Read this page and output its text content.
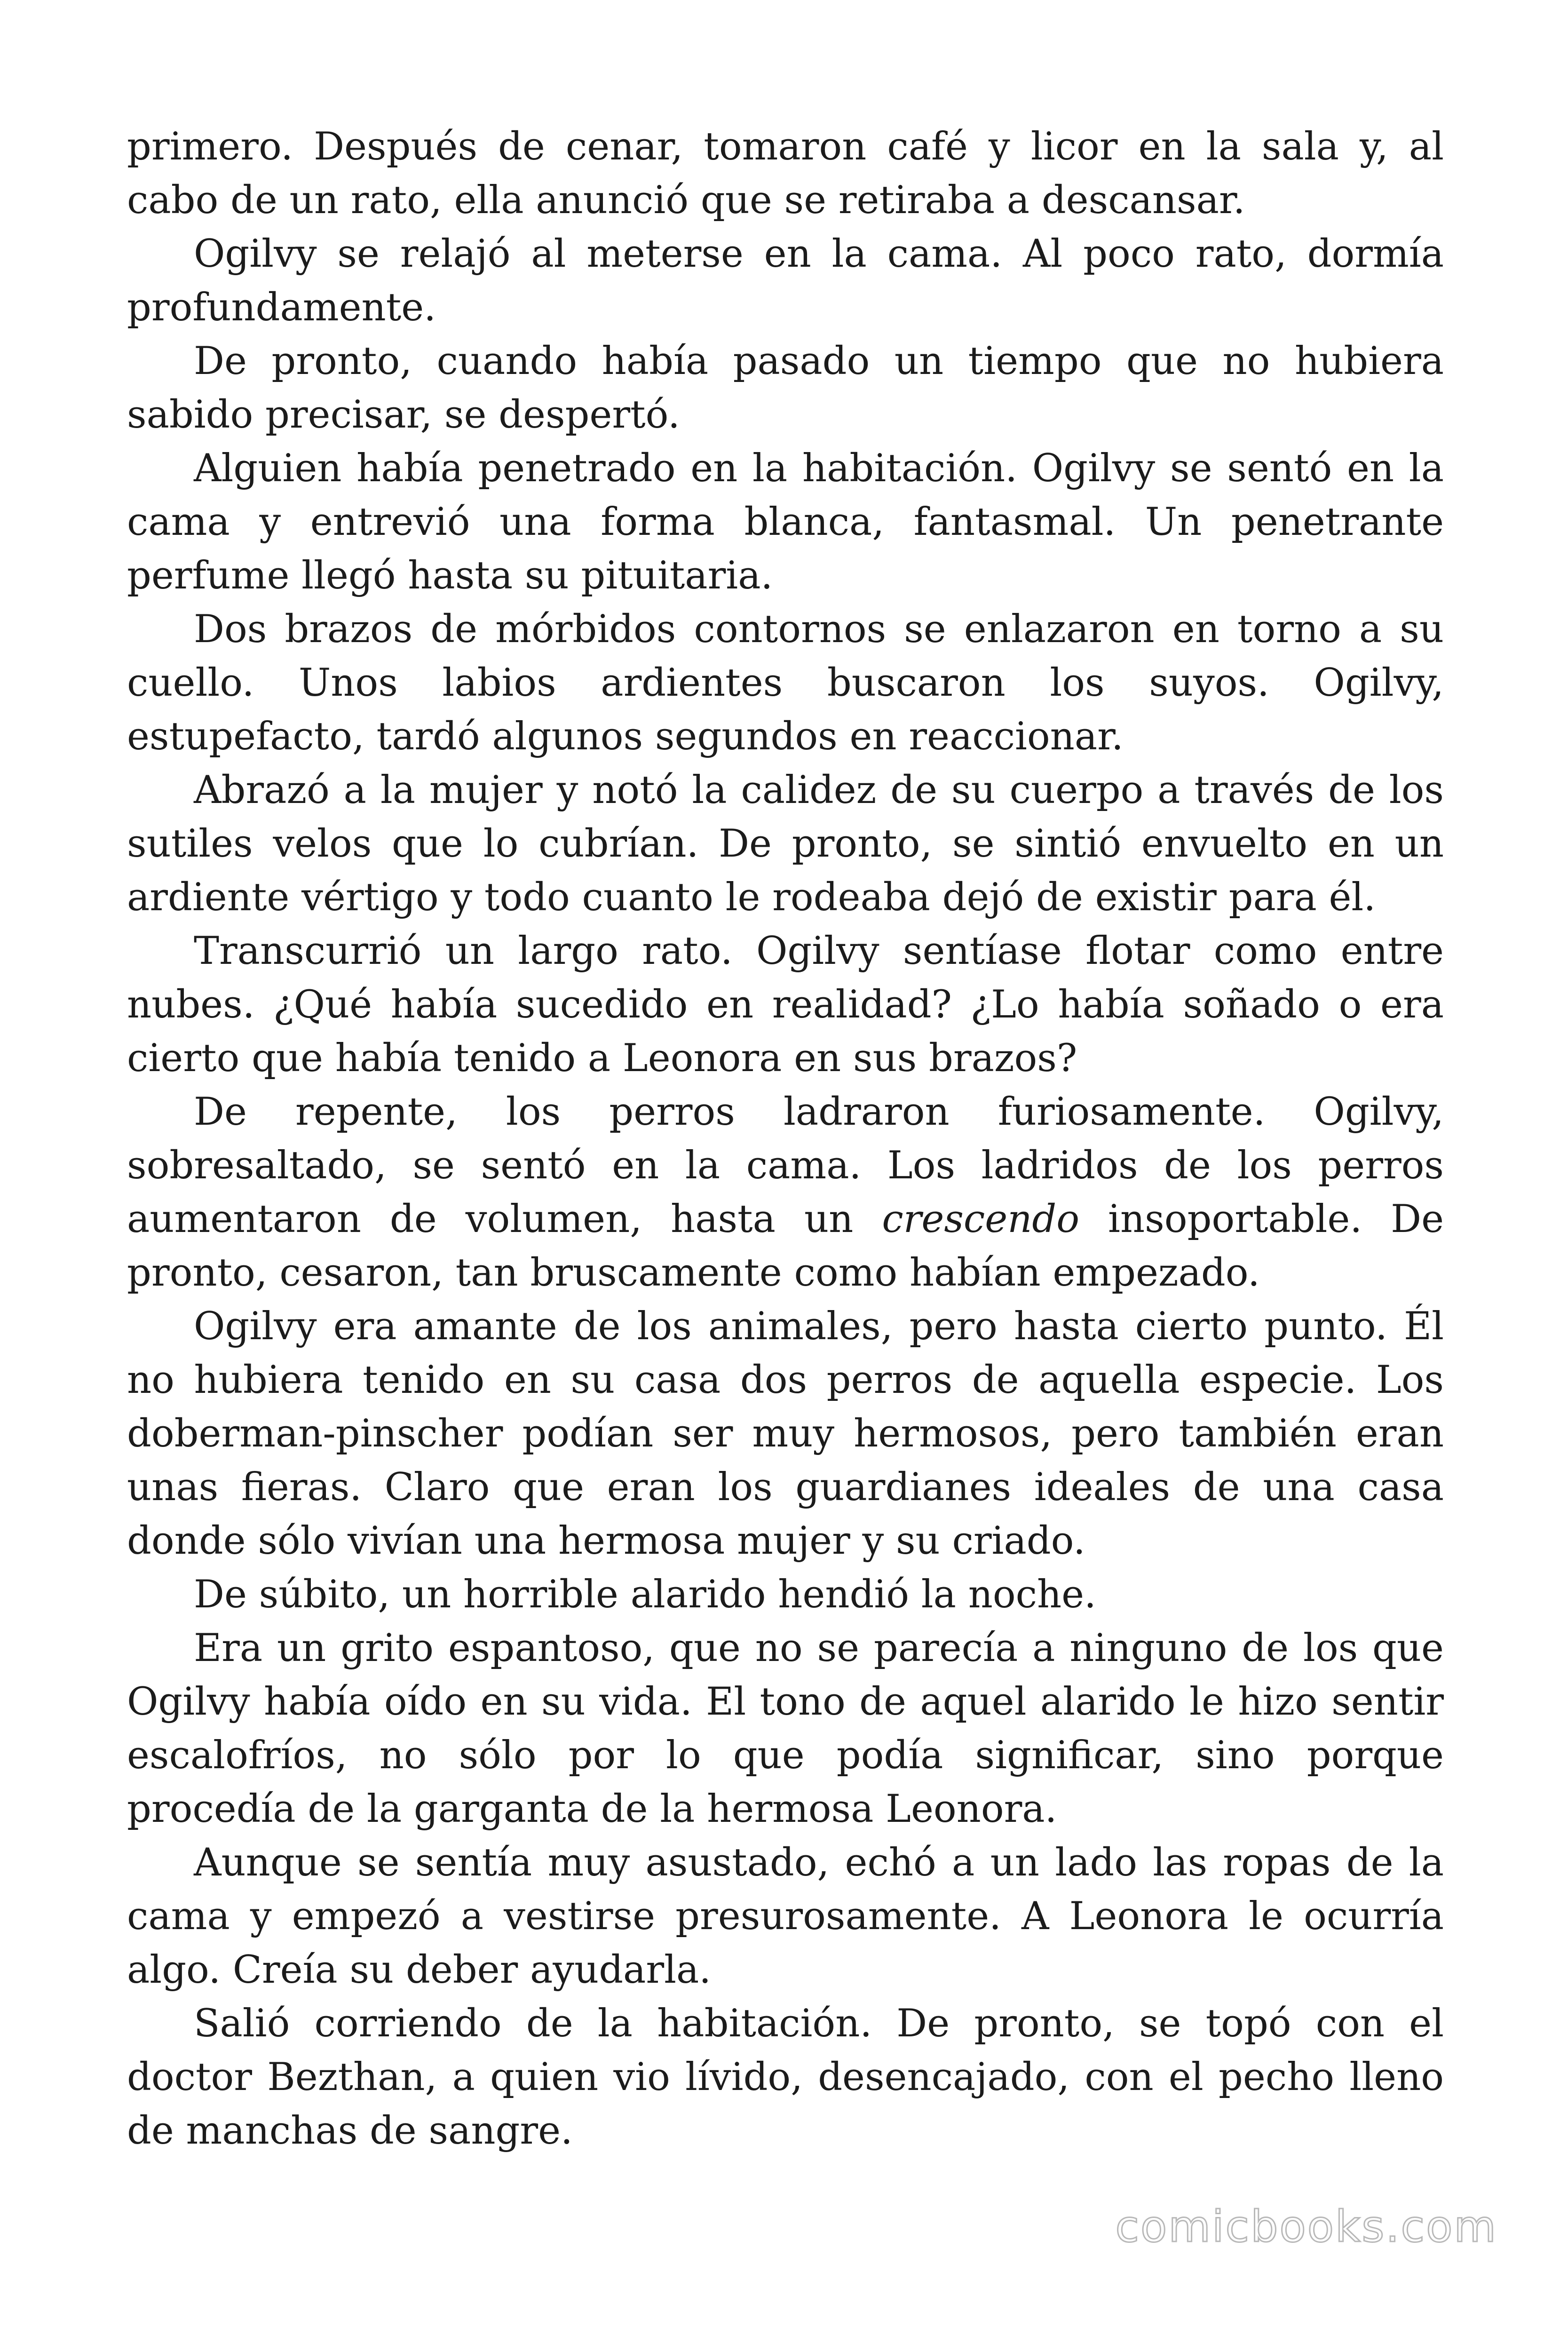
primero. Después de cenar, tomaron café y licor en la sala y, al cabo de un rato, ella anunció que se retiraba a descansar.

Ogilvy se relajó al meterse en la cama. Al poco rato, dormía profundamente.

De pronto, cuando había pasado un tiempo que no hubiera sabido precisar, se despertó.

Alguien había penetrado en la habitación. Ogilvy se sentó en la cama y entrevió una forma blanca, fantasmal. Un penetrante perfume llegó hasta su pituitaria.

Dos brazos de mórbidos contornos se enlazaron en torno a su cuello. Unos labios ardientes buscaron los suyos. Ogilvy, estupefacto, tardó algunos segundos en reaccionar.

Abrazó a la mujer y notó la calidez de su cuerpo a través de los sutiles velos que lo cubrían. De pronto, se sintió envuelto en un ardiente vértigo y todo cuanto le rodeaba dejó de existir para él.

Transcurrió un largo rato. Ogilvy sentíase flotar como entre nubes. ¿Qué había sucedido en realidad? ¿Lo había soñado o era cierto que había tenido a Leonora en sus brazos?

De repente, los perros ladraron furiosamente. Ogilvy, sobresaltado, se sentó en la cama. Los ladridos de los perros aumentaron de volumen, hasta un crescendo insoportable. De pronto, cesaron, tan bruscamente como habían empezado.

Ogilvy era amante de los animales, pero hasta cierto punto. Él no hubiera tenido en su casa dos perros de aquella especie. Los doberman-pinscher podían ser muy hermosos, pero también eran unas fieras. Claro que eran los guardianes ideales de una casa donde sólo vivían una hermosa mujer y su criado.

De súbito, un horrible alarido hendió la noche.

Era un grito espantoso, que no se parecía a ninguno de los que Ogilvy había oído en su vida. El tono de aquel alarido le hizo sentir escalofríos, no sólo por lo que podía significar, sino porque procedía de la garganta de la hermosa Leonora.

Aunque se sentía muy asustado, echó a un lado las ropas de la cama y empezó a vestirse presurosamente. A Leonora le ocurría algo. Creía su deber ayudarla.

Salió corriendo de la habitación. De pronto, se topó con el doctor Bezthan, a quien vio lívido, desencajado, con el pecho lleno de manchas de sangre.

comicbooks.com
